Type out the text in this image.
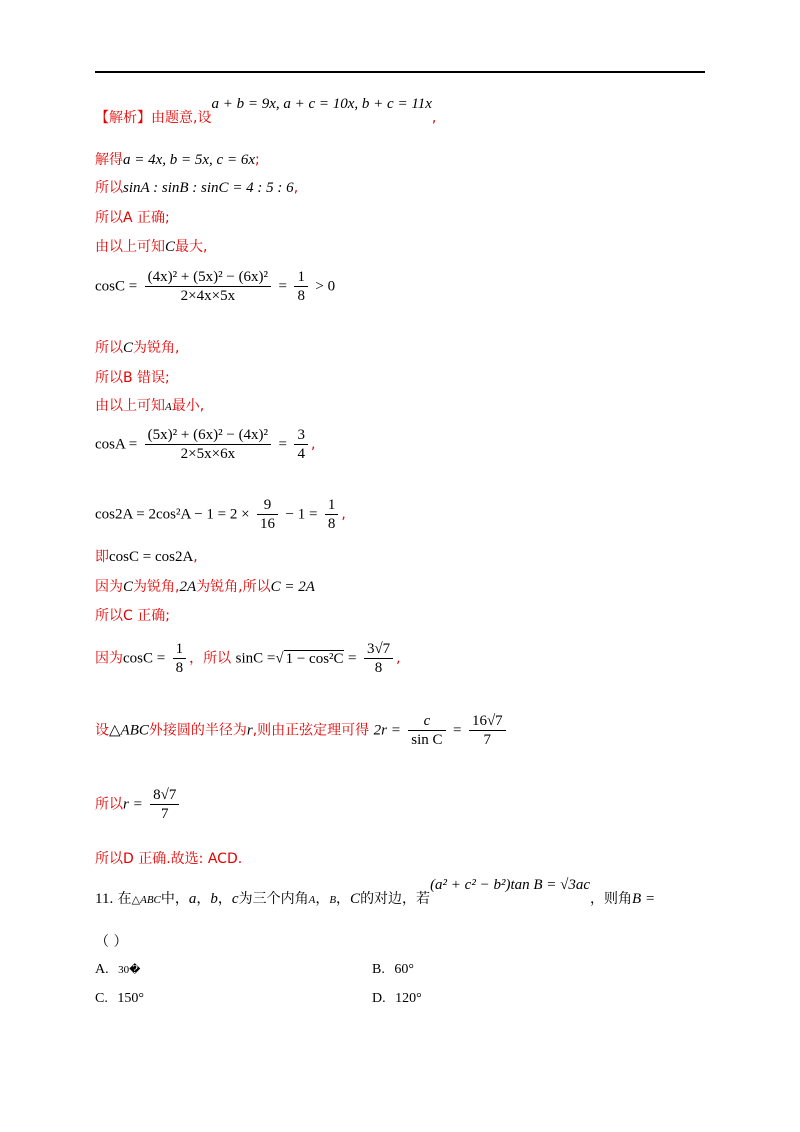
【解析】由题意,设a + b = 9x, a + c = 10x, b + c = 11x,
解得a = 4x, b = 5x, c = 6x;
所以sinA : sinB : sinC = 4 : 5 : 6,
所以A 正确;
由以上可知C最大,
$\cos C = \frac{\text{(4x)² + (5x)² − (6x)²}}{2\times 4x\times 5x} = \frac{1}{8} > 0$
所以C为锐角,
所以B 错误;
由以上可知A最小,
$\cos A = \frac{\text{(5x)² + (6x)² − (4x)²}}{2\times 5x\times 6x} = \frac{3}{4}$ ,
$\cos 2A = 2\cos^2A - 1 = 2 \times \frac{9}{16} - 1 = \frac{1}{8}$ ,
即cosC = cos2A,
因为C为锐角,2A为锐角,所以C = 2A
所以C 正确;
因为$\cos C = \frac{1}{8}$ ，所以 sinC =√ $1 - \cos^2C = \frac{3√7}{8}$ ,
设△ABC外接圆的半径为r,则由正弦定理可得 $2r = \frac{c}{\text{sin C}} = \frac{16√7}{7}$
所以$r = \frac{8√7}{7}$
所以D 正确.故选: ACD.
11. 在△ABC中，a，b，c为三个内角A，B，C的对边，若(a² + c² − b²)tan B = √3ac，则角B =
（ ）
A. 30�	B. 60°
C. 150°	D. 120°
